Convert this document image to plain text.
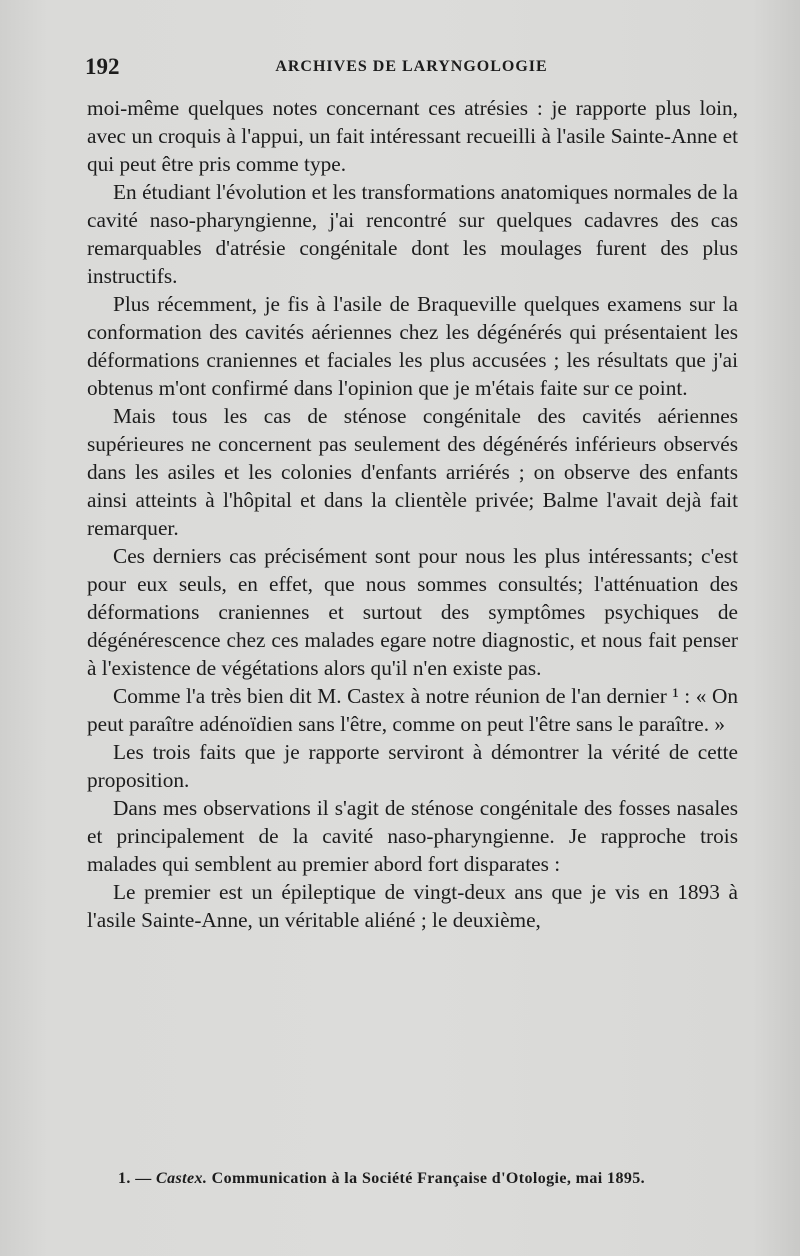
192	ARCHIVES DE LARYNGOLOGIE

moi-même quelques notes concernant ces atrésies : je rapporte plus loin, avec un croquis à l'appui, un fait intéressant recueilli à l'asile Sainte-Anne et qui peut être pris comme type.

En étudiant l'évolution et les transformations anatomiques normales de la cavité naso-pharyngienne, j'ai rencontré sur quelques cadavres des cas remarquables d'atrésie congénitale dont les moulages furent des plus instructifs.

Plus récemment, je fis à l'asile de Braqueville quelques examens sur la conformation des cavités aériennes chez les dégénérés qui présentaient les déformations craniennes et faciales les plus accusées ; les résultats que j'ai obtenus m'ont confirmé dans l'opinion que je m'étais faite sur ce point.

Mais tous les cas de sténose congénitale des cavités aériennes supérieures ne concernent pas seulement des dégénérés inférieurs observés dans les asiles et les colonies d'enfants arriérés ; on observe des enfants ainsi atteints à l'hôpital et dans la clientèle privée; Balme l'avait dejà fait remarquer.

Ces derniers cas précisément sont pour nous les plus intéressants; c'est pour eux seuls, en effet, que nous sommes consultés; l'atténuation des déformations craniennes et surtout des symptômes psychiques de dégénérescence chez ces malades egare notre diagnostic, et nous fait penser à l'existence de végétations alors qu'il n'en existe pas.

Comme l'a très bien dit M. Castex à notre réunion de l'an dernier ¹ : « On peut paraître adénoïdien sans l'être, comme on peut l'être sans le paraître. »

Les trois faits que je rapporte serviront à démontrer la vérité de cette proposition.

Dans mes observations il s'agit de sténose congénitale des fosses nasales et principalement de la cavité naso-pharyngienne. Je rapproche trois malades qui semblent au premier abord fort disparates :

Le premier est un épileptique de vingt-deux ans que je vis en 1893 à l'asile Sainte-Anne, un véritable aliéné ; le deuxième,

1. — Castex. Communication à la Société Française d'Otologie, mai 1895.
